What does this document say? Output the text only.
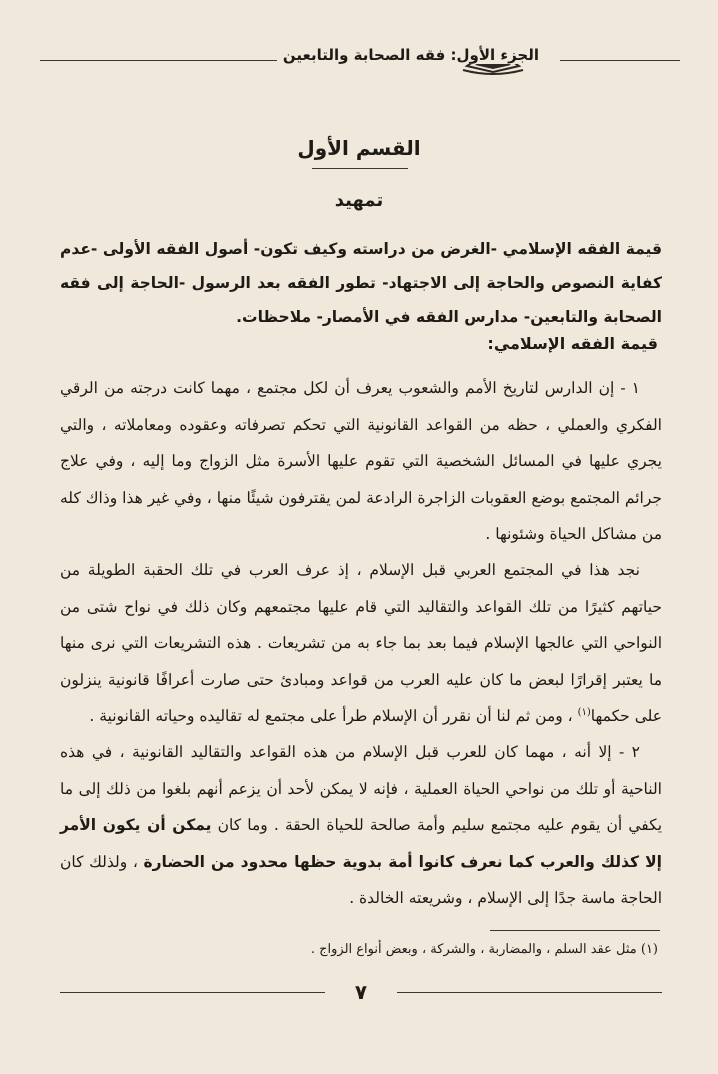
الجزء الأول: فقه الصحابة والتابعين
القسم الأول
تمهيد
قيمة الفقه الإسلامي -الغرض من دراسته وكيف تكون- أصول الفقه الأولى -عدم كفاية النصوص والحاجة إلى الاجتهاد- تطور الفقه بعد الرسول -الحاجة إلى فقه الصحابة والتابعين- مدارس الفقه في الأمصار- ملاحظات.
قيمة الفقه الإسلامي:

١ - إن الدارس لتاريخ الأمم والشعوب يعرف أن لكل مجتمع ، مهما كانت درجته من الرقي الفكري والعملي ، حظه من القواعد القانونية التي تحكم تصرفاته وعقوده ومعاملاته ، والتي يجري عليها في المسائل الشخصية التي تقوم عليها الأسرة مثل الزواج وما إليه ، وفي علاج جرائم المجتمع بوضع العقوبات الزاجرة الرادعة لمن يقترفون شيئًا منها ، وفي غير هذا وذاك كله من مشاكل الحياة وشئونها .

نجد هذا في المجتمع العربي قبل الإسلام ، إذ عرف العرب في تلك الحقبة الطويلة من حياتهم كثيرًا من تلك القواعد والتقاليد التي قام عليها مجتمعهم وكان ذلك في نواح شتى من النواحي التي عالجها الإسلام فيما بعد بما جاء به من تشريعات . هذه التشريعات التي نرى منها ما يعتبر إقرارًا لبعض ما كان عليه العرب من قواعد ومبادئ حتى صارت أعرافًا قانونية ينزلون على حكمها$^{(١)}$ ، ومن ثم لنا أن نقرر أن الإسلام طرأ على مجتمع له تقاليده وحياته القانونية .

٢ - إلا أنه ، مهما كان للعرب قبل الإسلام من هذه القواعد والتقاليد القانونية ، في هذه الناحية أو تلك من نواحي الحياة العملية ، فإنه لا يمكن لأحد أن يزعم أنهم بلغوا من ذلك إلى ما يكفي أن يقوم عليه مجتمع سليم وأمة صالحة للحياة الحقة . وما كان يمكن أن يكون الأمر إلا كذلك والعرب كما نعرف كانوا أمة بدوية حظها محدود من الحضارة ، ولذلك كان الحاجة ماسة جدًا إلى الإسلام ، وشريعته الخالدة .

(١) مثل عقد السلم ، والمضاربة ، والشركة ، وبعض أنواع الزواج .
٧
